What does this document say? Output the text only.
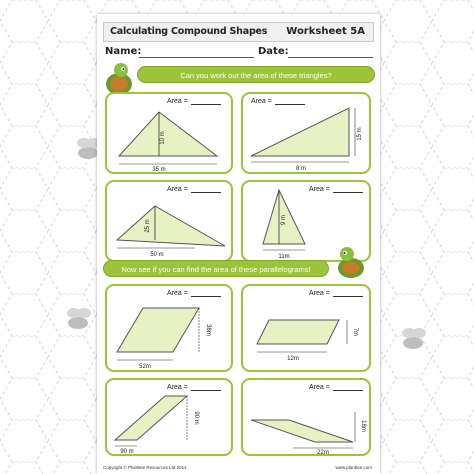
Calculating Compound Shapes Worksheet 5A
Name:	Date:
Can you work out the area of these triangles?
Area =
35 m
10 m
Area =
8 m
15 m
Area =
50 m
25 m
Area =
11m
9 m
Now see if you can find the area of these parallelograms!
Area =
52m
38m
Area =
12m
7m
Area =
90 m
90 m
Area =
22m
18m
Copyright © PlanBee Resources Ltd 2014	www.planbee.com
